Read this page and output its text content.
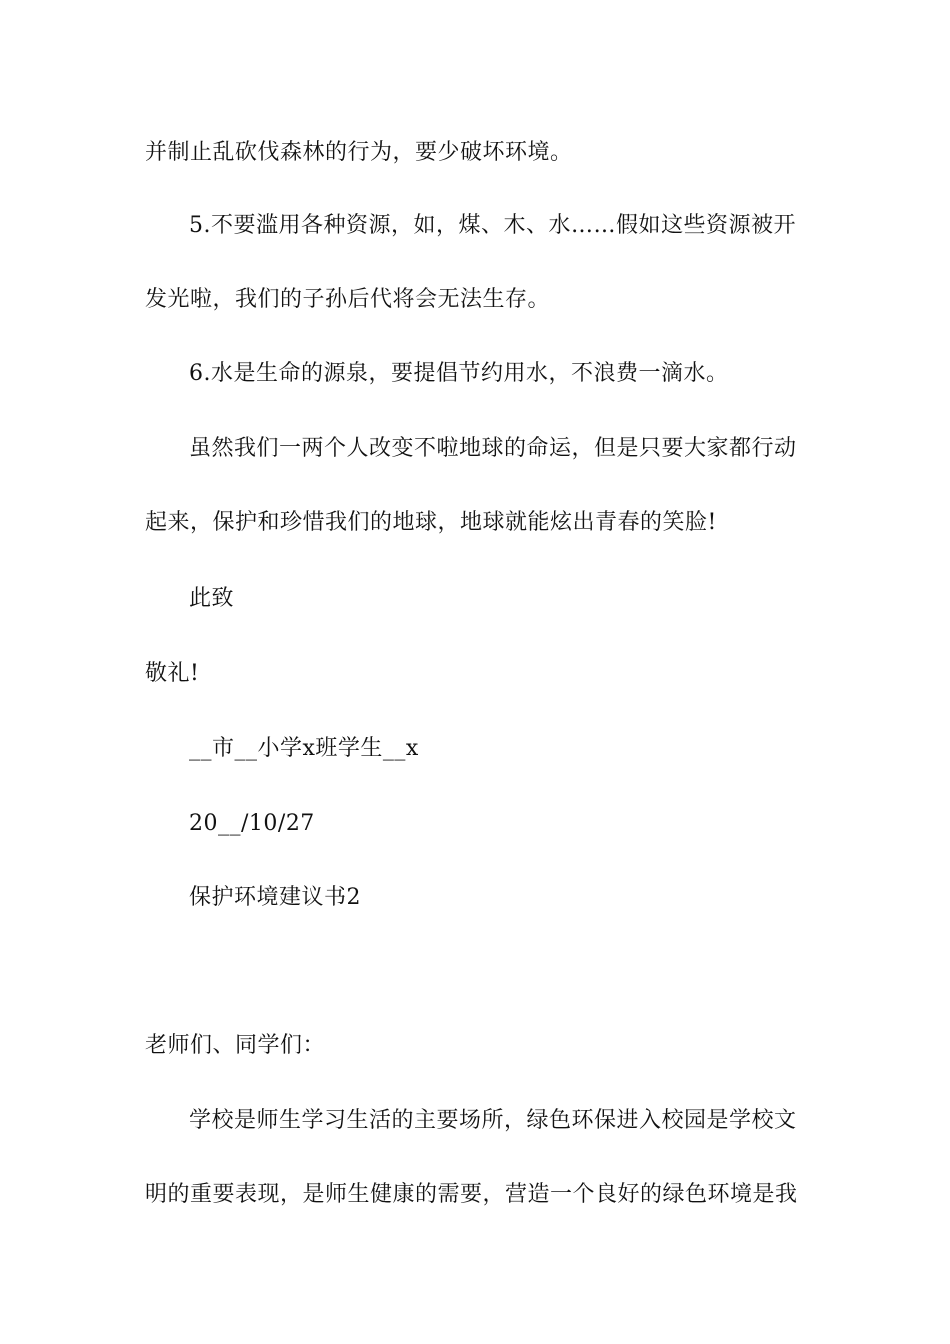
并制止乱砍伐森林的行为，要少破坏环境。
5.不要滥用各种资源，如，煤、木、水……假如这些资源被开
发光啦，我们的子孙后代将会无法生存。
6.水是生命的源泉，要提倡节约用水，不浪费一滴水。
虽然我们一两个人改变不啦地球的命运，但是只要大家都行动
起来，保护和珍惜我们的地球，地球就能炫出青春的笑脸!
此致
敬礼!
__市__小学x班学生__x
20__/10/27
保护环境建议书2
老师们、同学们：
学校是师生学习生活的主要场所，绿色环保进入校园是学校文
明的重要表现，是师生健康的需要，营造一个良好的绿色环境是我
